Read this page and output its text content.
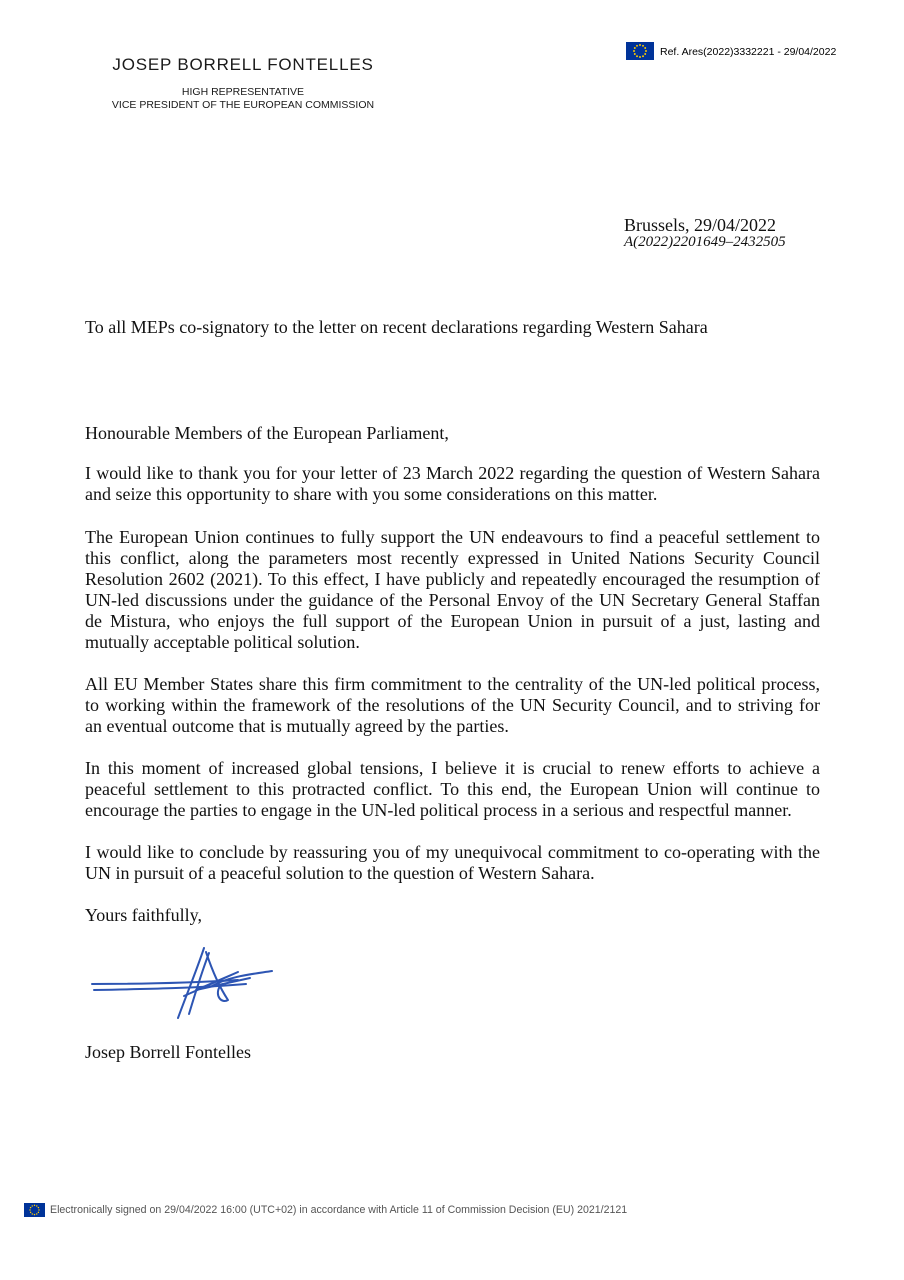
JOSEP BORRELL FONTELLES
HIGH REPRESENTATIVE
VICE PRESIDENT OF THE EUROPEAN COMMISSION
Ref. Ares(2022)3332221 - 29/04/2022
Brussels, 29/04/2022
A(2022)2201649–2432505
To all MEPs co-signatory to the letter on recent declarations regarding Western Sahara
Honourable Members of the European Parliament,
I would like to thank you for your letter of 23 March 2022 regarding the question of Western Sahara
and seize this opportunity to share with you some considerations on this matter.
The European Union continues to fully support the UN endeavours to find a peaceful settlement to
this conflict, along the parameters most recently expressed in United Nations Security Council
Resolution 2602 (2021). To this effect, I have publicly and repeatedly encouraged the resumption of
UN-led discussions under the guidance of the Personal Envoy of the UN Secretary General Staffan
de Mistura, who enjoys the full support of the European Union in pursuit of a just, lasting and
mutually acceptable political solution.
All EU Member States share this firm commitment to the centrality of the UN-led political process,
to working within the framework of the resolutions of the UN Security Council, and to striving for
an eventual outcome that is mutually agreed by the parties.
In this moment of increased global tensions, I believe it is crucial to renew efforts to achieve a
peaceful settlement to this protracted conflict. To this end, the European Union will continue to
encourage the parties to engage in the UN-led political process in a serious and respectful manner.
I would like to conclude by reassuring you of my unequivocal commitment to co-operating with the
UN in pursuit of a peaceful solution to the question of Western Sahara.
Yours faithfully,
Josep Borrell Fontelles
Electronically signed on 29/04/2022 16:00 (UTC+02) in accordance with Article 11 of Commission Decision (EU) 2021/2121
